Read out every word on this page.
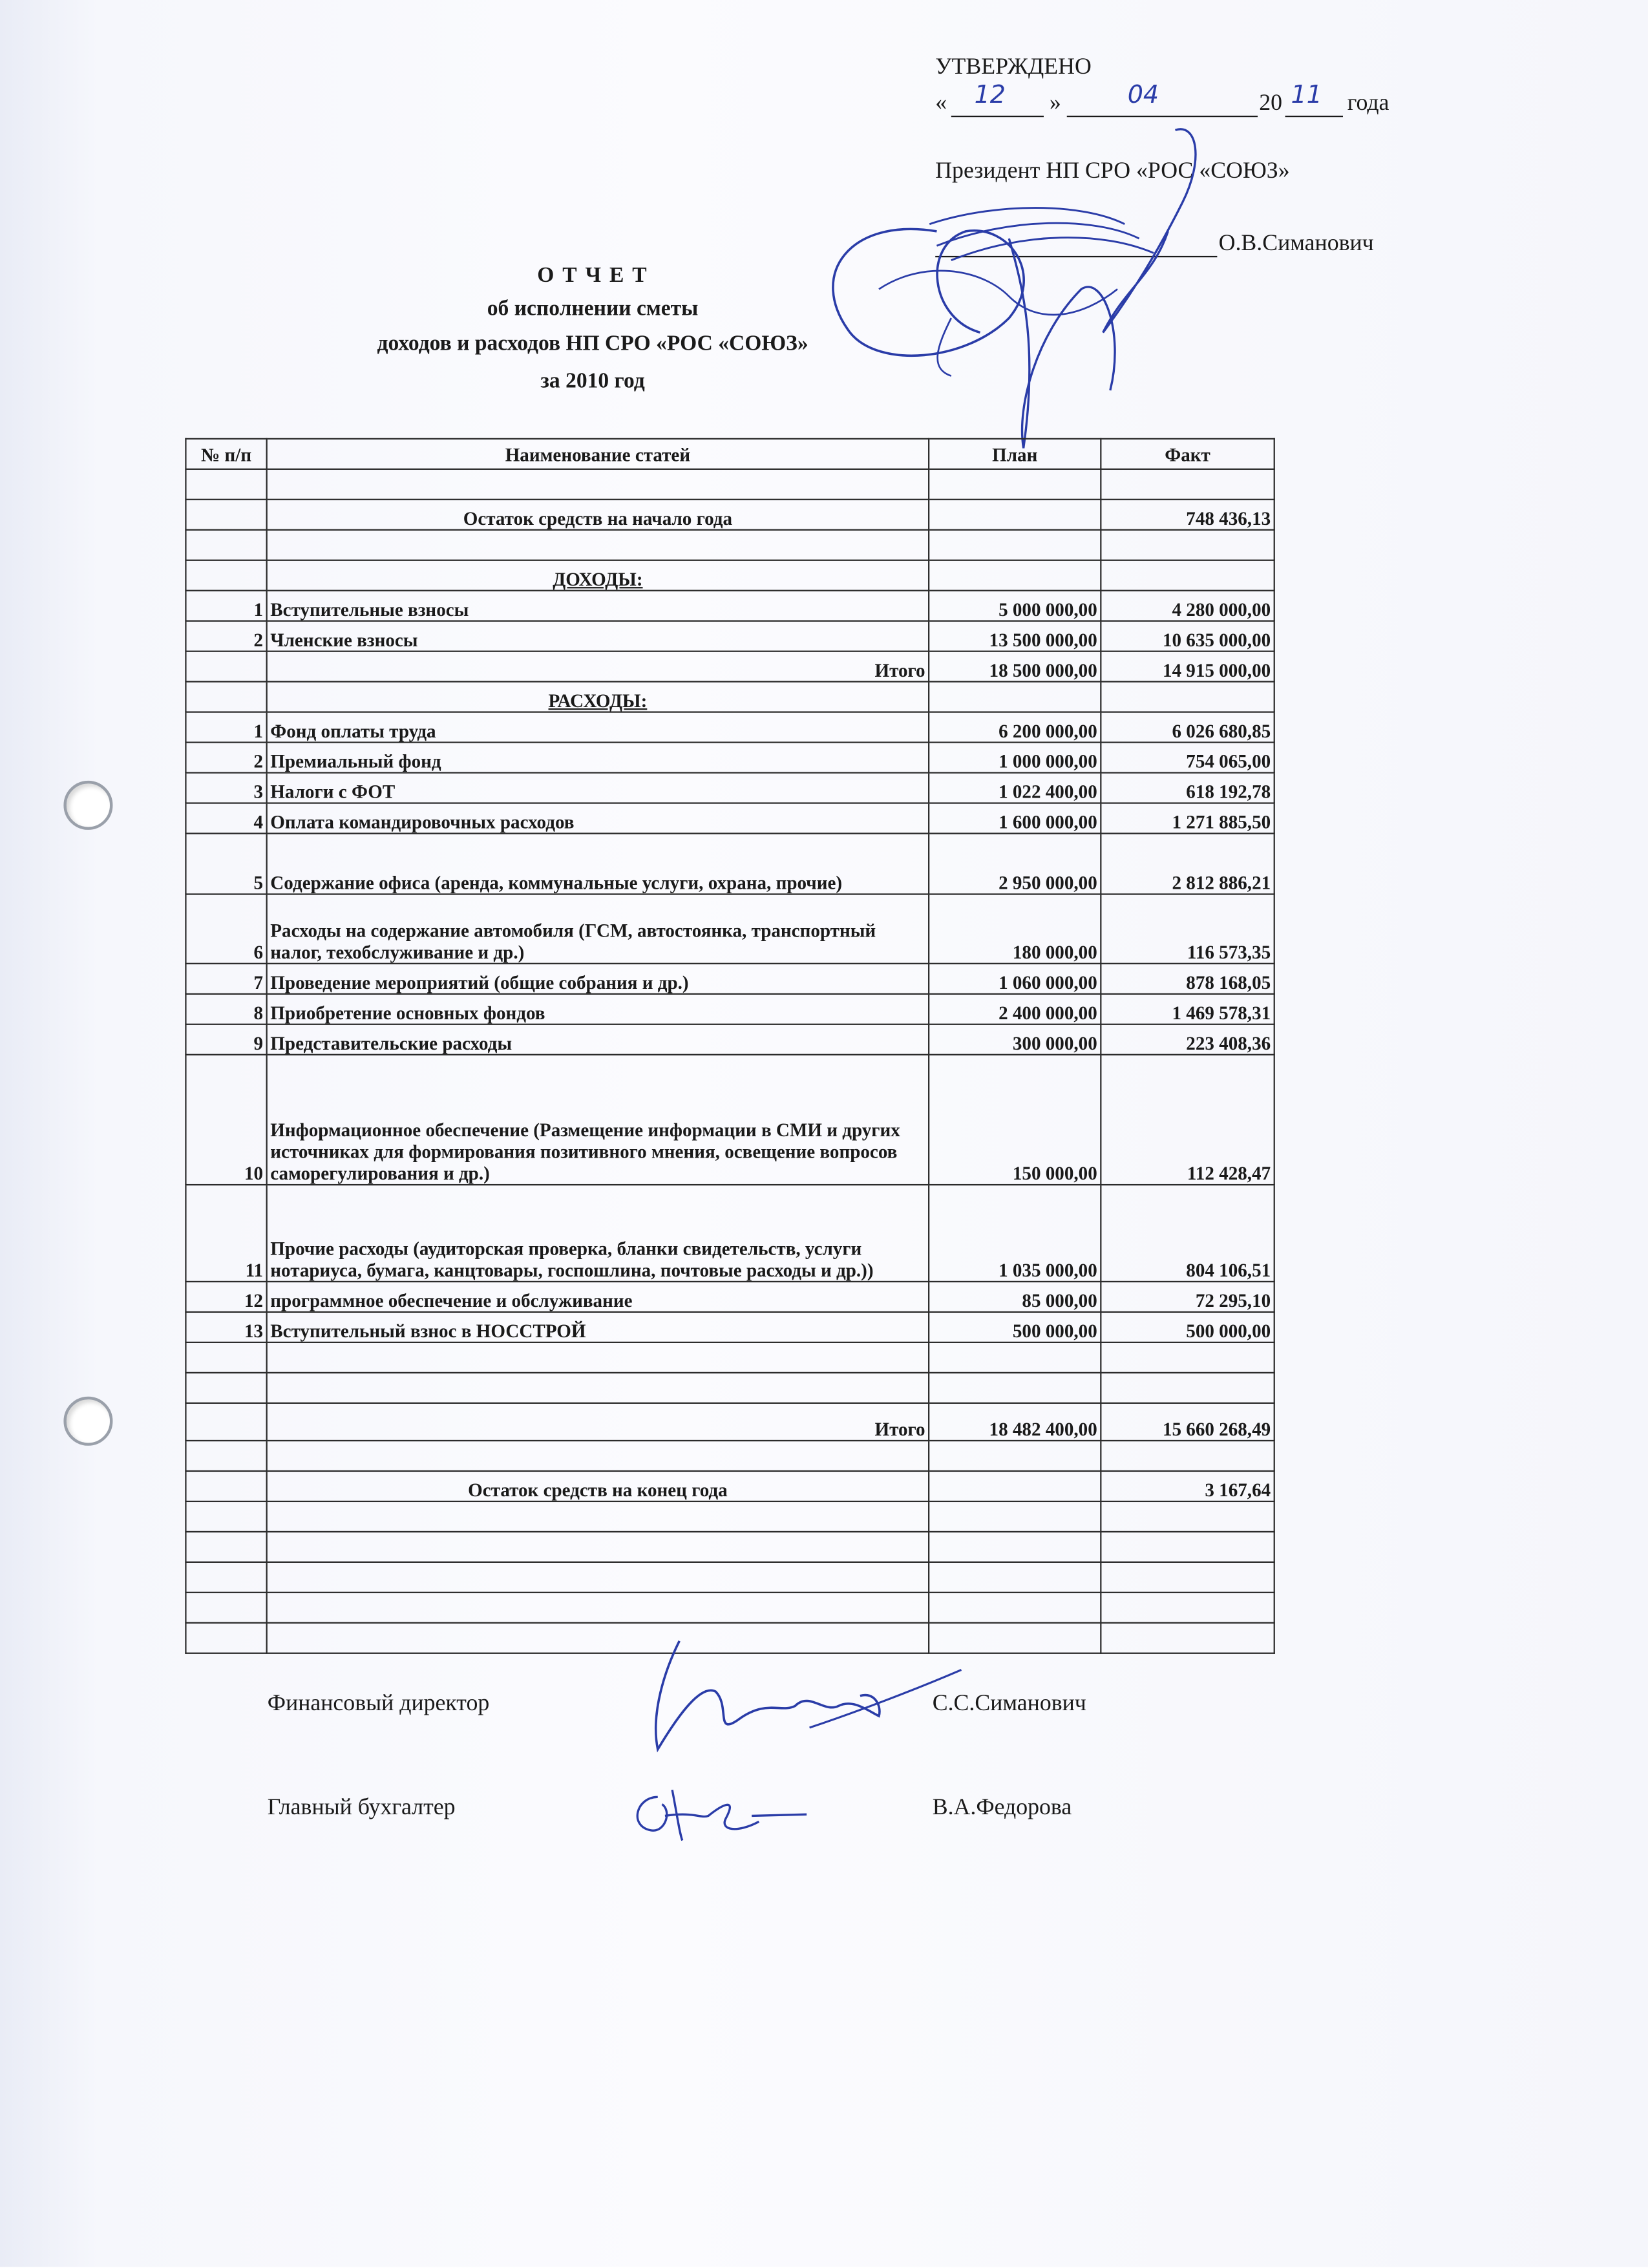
УТВЕРЖДЕНО
« 12	»	04	20 11 года
Президент НП СРО «РОС «СОЮЗ»
О.В.Симанович
О Т Ч Е Т
об исполнении сметы
доходов и расходов НП СРО «РОС «СОЮЗ»
за 2010 год
№ п/п	Наименование статей	План	Факт

	Остаток средств на начало года		748 436,13

	ДОХОДЫ:		
1	Вступительные взносы	5 000 000,00	4 280 000,00
2	Членские взносы	13 500 000,00	10 635 000,00
	Итого	18 500 000,00	14 915 000,00
	РАСХОДЫ:		
1	Фонд оплаты труда	6 200 000,00	6 026 680,85
2	Премиальный фонд	1 000 000,00	754 065,00
3	Налоги с ФОТ	1 022 400,00	618 192,78
4	Оплата командировочных расходов	1 600 000,00	1 271 885,50
5	Содержание офиса (аренда, коммунальные услуги, охрана, прочие)	2 950 000,00	2 812 886,21
6	Расходы на содержание автомобиля (ГСМ, автостоянка, транспортный налог, техобслуживание и др.)	180 000,00	116 573,35
7	Проведение мероприятий (общие собрания и др.)	1 060 000,00	878 168,05
8	Приобретение основных фондов	2 400 000,00	1 469 578,31
9	Представительские расходы	300 000,00	223 408,36
10	Информационное обеспечение (Размещение информации в СМИ и других источниках для формирования позитивного мнения, освещение вопросов саморегулирования и др.)	150 000,00	112 428,47
11	Прочие расходы (аудиторская проверка, бланки свидетельств, услуги нотариуса, бумага, канцтовары, госпошлина, почтовые расходы и др.))	1 035 000,00	804 106,51
12	программное обеспечение и обслуживание	85 000,00	72 295,10
13	Вступительный взнос в НОССТРОЙ	500 000,00	500 000,00

	Итого	18 482 400,00	15 660 268,49

	Остаток средств на конец года		3 167,64

Финансовый директор	С.С.Симанович
Главный бухгалтер	В.А.Федорова
